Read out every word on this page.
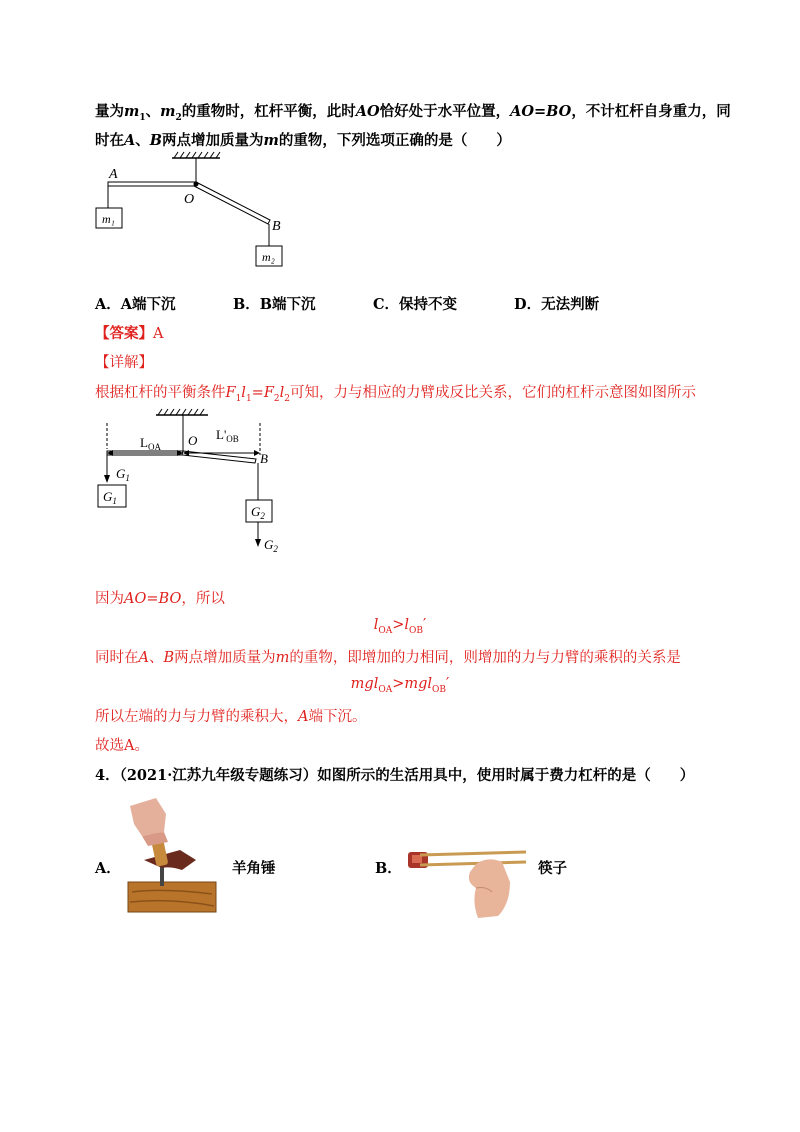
量为$m_1$、$m_2$的重物时，杠杆平衡，此时AO恰好处于水平位置，AO=BO，不计杠杆自身重力，同
时在A、B两点增加质量为m的重物，下列选项正确的是（　　）
m₁
m₂
A
O
B
A．A端下沉	B．B端下沉	C．保持不变	D．无法判断
【答案】A
【详解】
根据杠杆的平衡条件$F_1l_1=F_2l_2$可知，力与相应的力臂成反比关系，它们的杠杆示意图如图所示
$L_{OA}$
$L'_{OB}$
O
B
$G_1$
$G_1$
$G_2$
$G_2$
因为AO=BO，所以
$l_{OA}>l_{OB}'$
同时在A、B两点增加质量为m的重物，即增加的力相同，则增加的力与力臂的乘积的关系是
mgl$_{OA}$>mgl$_{OB}$′
所以左端的力与力臂的乘积大，A端下沉。
故选A。
4．（2021·江苏九年级专题练习）如图所示的生活用具中，使用时属于费力杠杆的是（　　）
A．	羊角锤	B．	筷子
